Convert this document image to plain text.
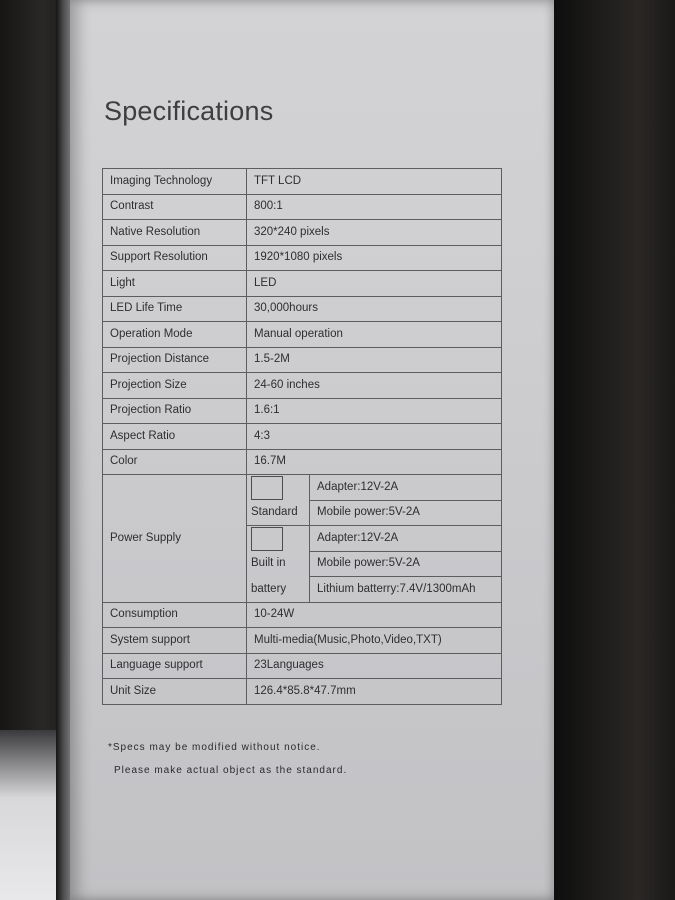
Specifications
Imaging Technology	TFT LCD	
Contrast	800:1	
Native Resolution	320*240 pixels	
Support Resolution	1920*1080 pixels	
Light	LED	
LED Life Time	30,000hours	
Operation Mode	Manual operation	
Projection Distance	1.5-2M	
Projection Size	24-60 inches	
Projection Ratio	1.6:1	
Aspect Ratio	4:3	
Color	16.7M	
Power Supply		Adapter:12V-2A
	Standard	Mobile power:5V-2A
		Adapter:12V-2A
	Built in	Mobile power:5V-2A
	battery	Lithium batterry:7.4V/1300mAh
Consumption	10-24W	
System support	Multi-media(Music,Photo,Video,TXT)	
Language support	23Languages	
Unit Size	126.4*85.8*47.7mm	

*Specs may be modified without notice.

Please make actual object as the standard.
